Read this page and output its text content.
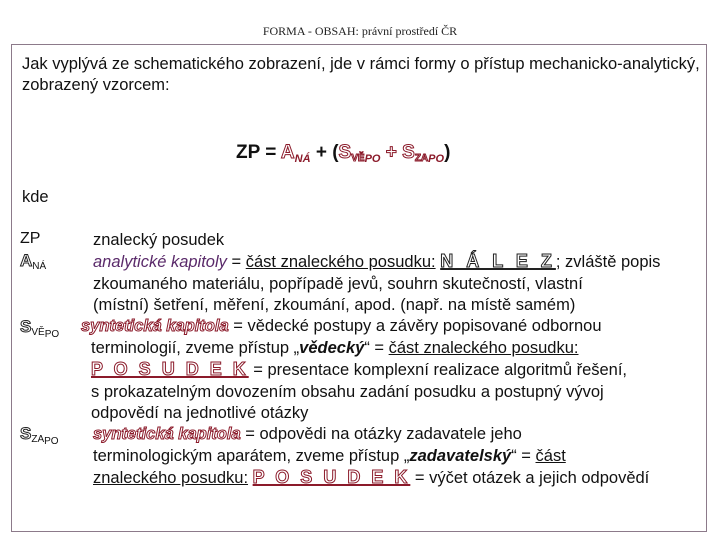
FORMA - OBSAH: právní prostředí ČR
Jak vyplývá ze schematického zobrazení, jde v rámci formy o přístup mechanicko-analytický, zobrazený vzorcem:
ZP = $A_{NÁ}$ + $(SVĚ_{PO} + SZA_{PO})$
kde
ZP
ANÁ
$SVĚ_{PO}$
$SZA_{PO}$
znalecký posudek
analytické kapitoly = část znaleckého posudku: N Á L E Z; zvláště popis
zkoumaného materiálu, popřípadě jevů, souhrn skutečností, vlastní
(místní) šetření, měření, zkoumání, apod. (např. na místě samém)
syntetická kapitola = vědecké postupy a závěry popisované odbornou
terminologií, zveme přístup „vědecký“ = část znaleckého posudku:
P O S U D E K = presentace komplexní realizace algoritmů řešení,
s prokazatelným dovozením obsahu zadání posudku a postupný vývoj
odpovědí na jednotlivé otázky
syntetická kapitola = odpovědi na otázky zadavatele jeho
terminologickým aparátem, zveme přístup „zadavatelský“ = část
znaleckého posudku: P O S U D E K = výčet otázek a jejich odpovědí
